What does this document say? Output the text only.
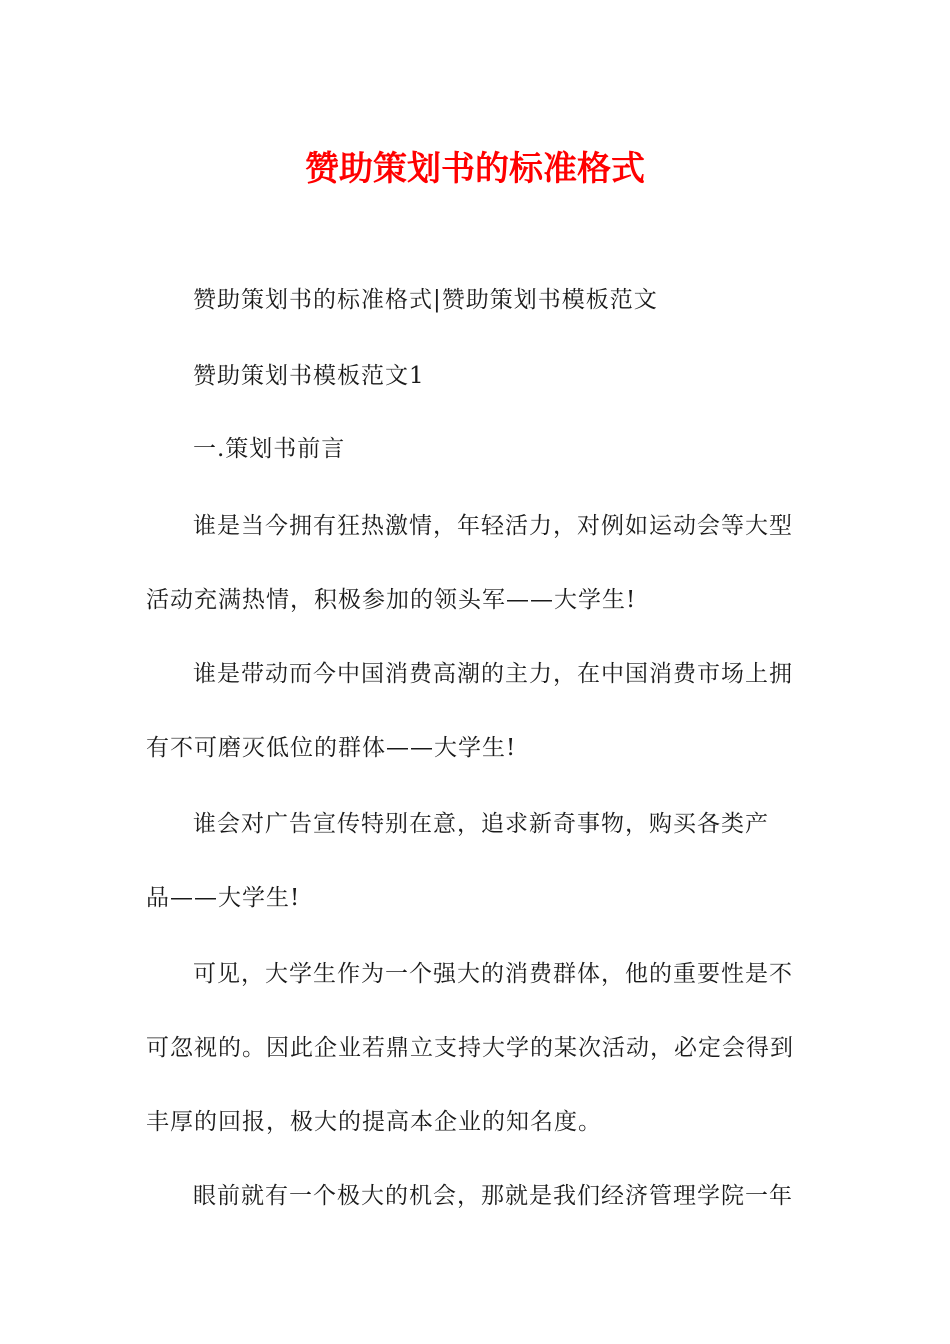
赞助策划书的标准格式
赞助策划书的标准格式|赞助策划书模板范文
赞助策划书模板范文1
一.策划书前言
谁是当今拥有狂热激情，年轻活力，对例如运动会等大型
活动充满热情，积极参加的领头军——大学生!
谁是带动而今中国消费高潮的主力，在中国消费市场上拥
有不可磨灭低位的群体——大学生!
谁会对广告宣传特别在意，追求新奇事物，购买各类产
品——大学生!
可见，大学生作为一个强大的消费群体，他的重要性是不
可忽视的。因此企业若鼎立支持大学的某次活动，必定会得到
丰厚的回报，极大的提高本企业的知名度。
眼前就有一个极大的机会，那就是我们经济管理学院一年
